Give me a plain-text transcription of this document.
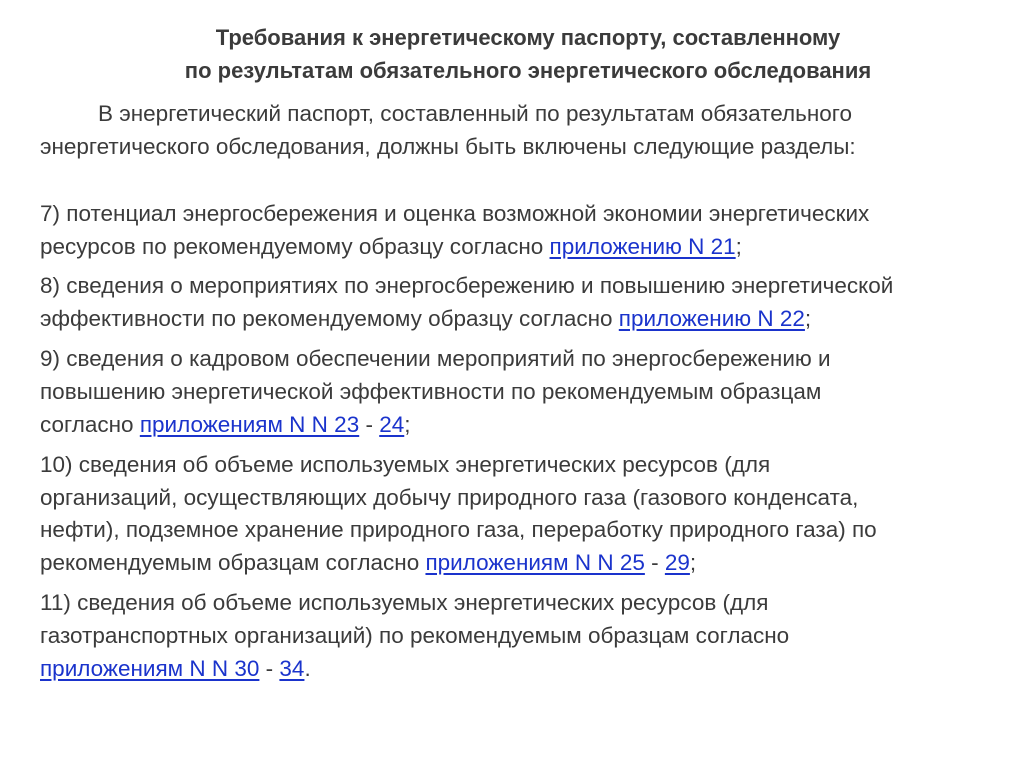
Требования к энергетическому паспорту, составленному
по результатам обязательного энергетического обследования
В энергетический паспорт, составленный по результатам обязательного
энергетического обследования, должны быть включены следующие разделы:
7) потенциал энергосбережения и оценка возможной экономии энергетических
ресурсов по рекомендуемому образцу согласно приложению N 21;
8) сведения о мероприятиях по энергосбережению и повышению энергетической
эффективности по рекомендуемому образцу согласно приложению N 22;
9) сведения о кадровом обеспечении мероприятий по энергосбережению и
повышению энергетической эффективности по рекомендуемым образцам
согласно приложениям N N 23 - 24;
10) сведения об объеме используемых энергетических ресурсов (для
организаций, осуществляющих добычу природного газа (газового конденсата,
нефти), подземное хранение природного газа, переработку природного газа) по
рекомендуемым образцам согласно приложениям N N 25 - 29;
11) сведения об объеме используемых энергетических ресурсов (для
газотранспортных организаций) по рекомендуемым образцам согласно
приложениям N N 30 - 34.
